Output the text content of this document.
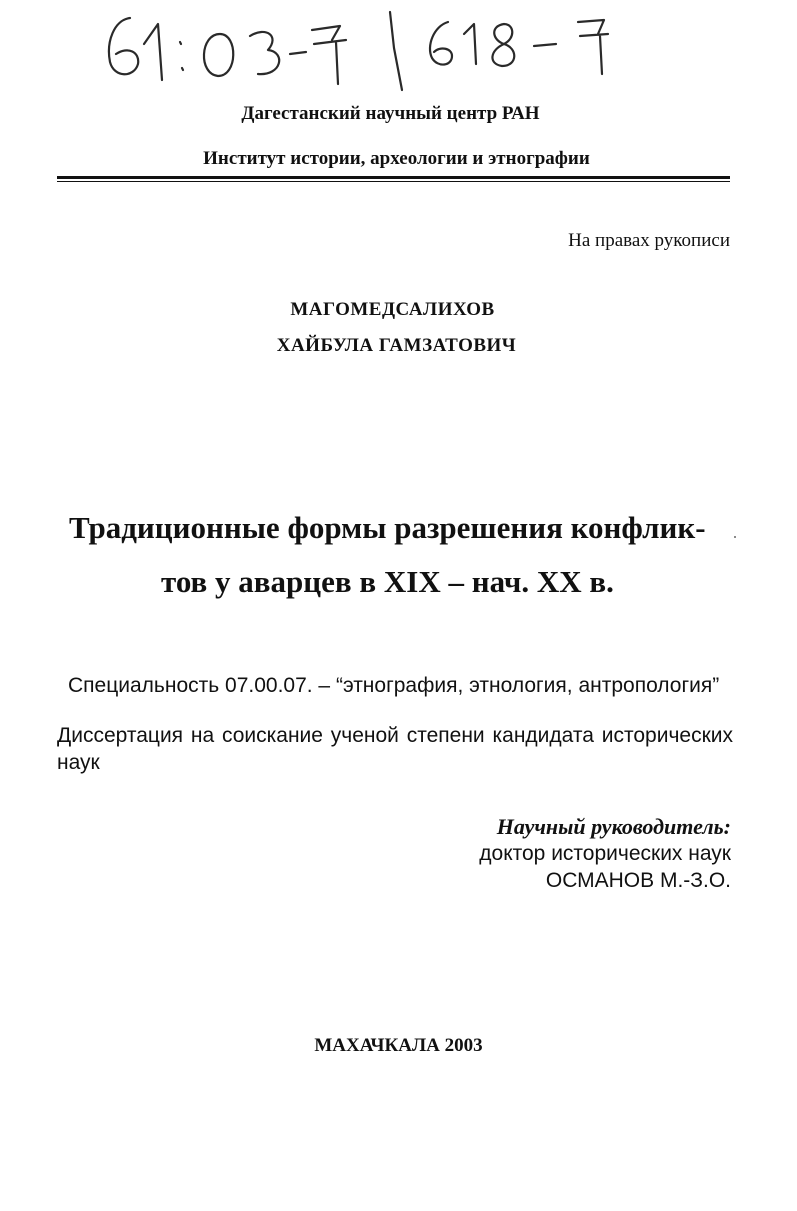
Дагестанский научный центр РАН
Институт истории, археологии и этнографии
На правах рукописи
МАГОМЕДСАЛИХОВ
ХАЙБУЛА ГАМЗАТОВИЧ
Традиционные формы разрешения конфлик-
тов у аварцев в XIX – нач. XX в.
Специальность 07.00.07. – “этнография, этнология, антропология”
Диссертация на соискание ученой степени кандидата исторических наук
Научный руководитель:
доктор исторических наук
ОСМАНОВ М.-З.О.
МАХАЧКАЛА 2003
